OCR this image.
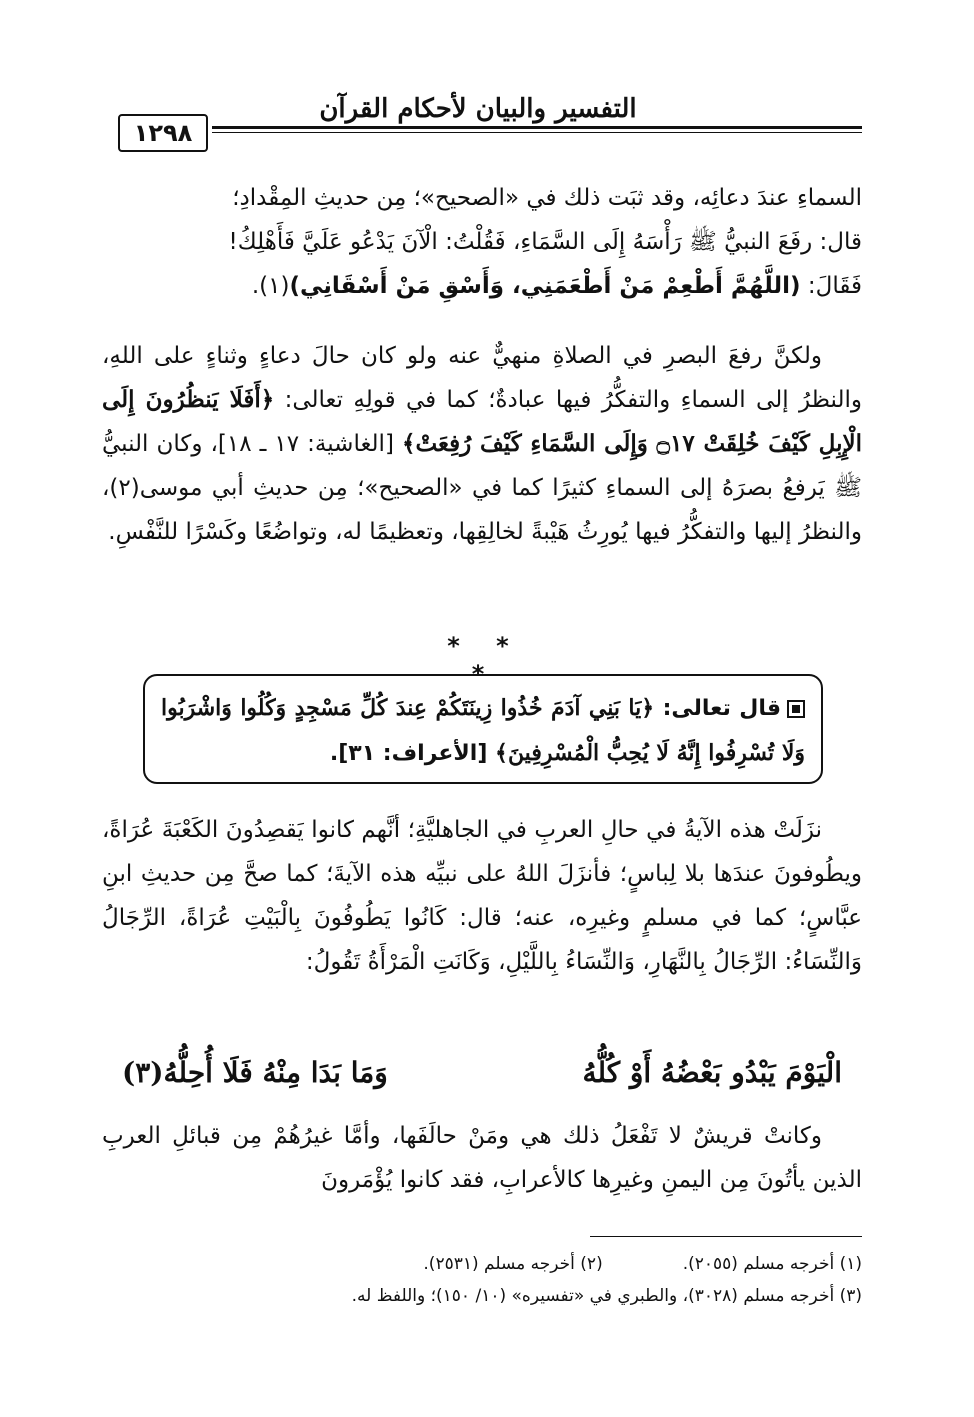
التفسير والبيان لأحكام القرآن
١٢٩٨

السماءِ عندَ دعائِه، وقد ثبَت ذلك في «الصحيح»؛ مِن حديثِ المِقْدادِ؛

قال: رفَعَ النبيُّ ﷺ رَأْسَهُ إِلَى السَّمَاءِ، فَقُلْتُ: الْآنَ يَدْعُو عَلَيَّ فَأَهْلِكُ!

فَقَالَ: (اللَّهُمَّ أَطْعِمْ مَنْ أَطْعَمَنِي، وَأَسْقِ مَنْ أَسْقَانِي)(١).

ولكنَّ رفعَ البصرِ في الصلاةِ منهيٌّ عنه ولو كان حالَ دعاءٍ وثناءٍ على اللهِ، والنظرُ إلى السماءِ والتفكُّرُ فيها عبادةٌ؛ كما في قولِهِ تعالى: ﴿أَفَلَا يَنظُرُونَ إِلَى الْإِبِلِ كَيْفَ خُلِقَتْ ۝١٧ وَإِلَى السَّمَاءِ كَيْفَ رُفِعَتْ﴾ [الغاشية: ١٧ ـ ١٨]، وكان النبيُّ ﷺ يَرفعُ بصرَهُ إلى السماءِ كثيرًا كما في «الصحيح»؛ مِن حديثِ أبي موسى(٢)، والنظرُ إليها والتفكُّرُ فيها يُورِثُ هَيْبةً لخالِقِها، وتعظيمًا له، وتواضُعًا وكَسْرًا للنَّفْسِ.

* *
قال تعالى: ﴿يَا بَنِي آدَمَ خُذُوا زِينَتَكُمْ عِندَ كُلِّ مَسْجِدٍ وَكُلُوا وَاشْرَبُوا وَلَا تُسْرِفُوا إِنَّهُ لَا يُحِبُّ الْمُسْرِفِينَ﴾ [الأعراف: ٣١].

نزَلَتْ هذه الآيةُ في حالِ العربِ في الجاهليَّةِ؛ أنَّهم كانوا يَقصِدُونَ الكَعْبَةَ عُرَاةً، ويطُوفونَ عندَها بلا لِباسٍ؛ فأنزَلَ اللهُ على نبيِّه هذه الآيةَ؛ كما صحَّ مِن حديثِ ابنِ عبَّاسٍ؛ كما في مسلمٍ وغيرِه، عنه؛ قال: كَانُوا يَطُوفُونَ بِالْبَيْتِ عُرَاةً، الرِّجَالُ وَالنِّسَاءُ: الرِّجَالُ بِالنَّهَارِ، وَالنِّسَاءُ بِاللَّيْلِ، وَكَانَتِ الْمَرْأَةُ تَقُولُ:

الْيَوْمَ يَبْدُو بَعْضُهُ أَوْ كُلُّهُ
وَمَا بَدَا مِنْهُ فَلَا أُحِلُّهُ(٣)

وكانتْ قريشٌ لا تَفْعَلُ ذلك هي ومَنْ حالَفَها، وأمَّا غيرُهُمْ مِن قبائلِ العربِ الذين يأتُونَ مِن اليمنِ وغيرِها كالأعرابِ، فقد كانوا يُؤْمَرونَ

(١) أخرجه مسلم (٢٠٥٥).
(٢) أخرجه مسلم (٢٥٣١).
(٣) أخرجه مسلم (٣٠٢٨)، والطبري في «تفسيره» (١٠/ ١٥٠)؛ واللفظ له.
